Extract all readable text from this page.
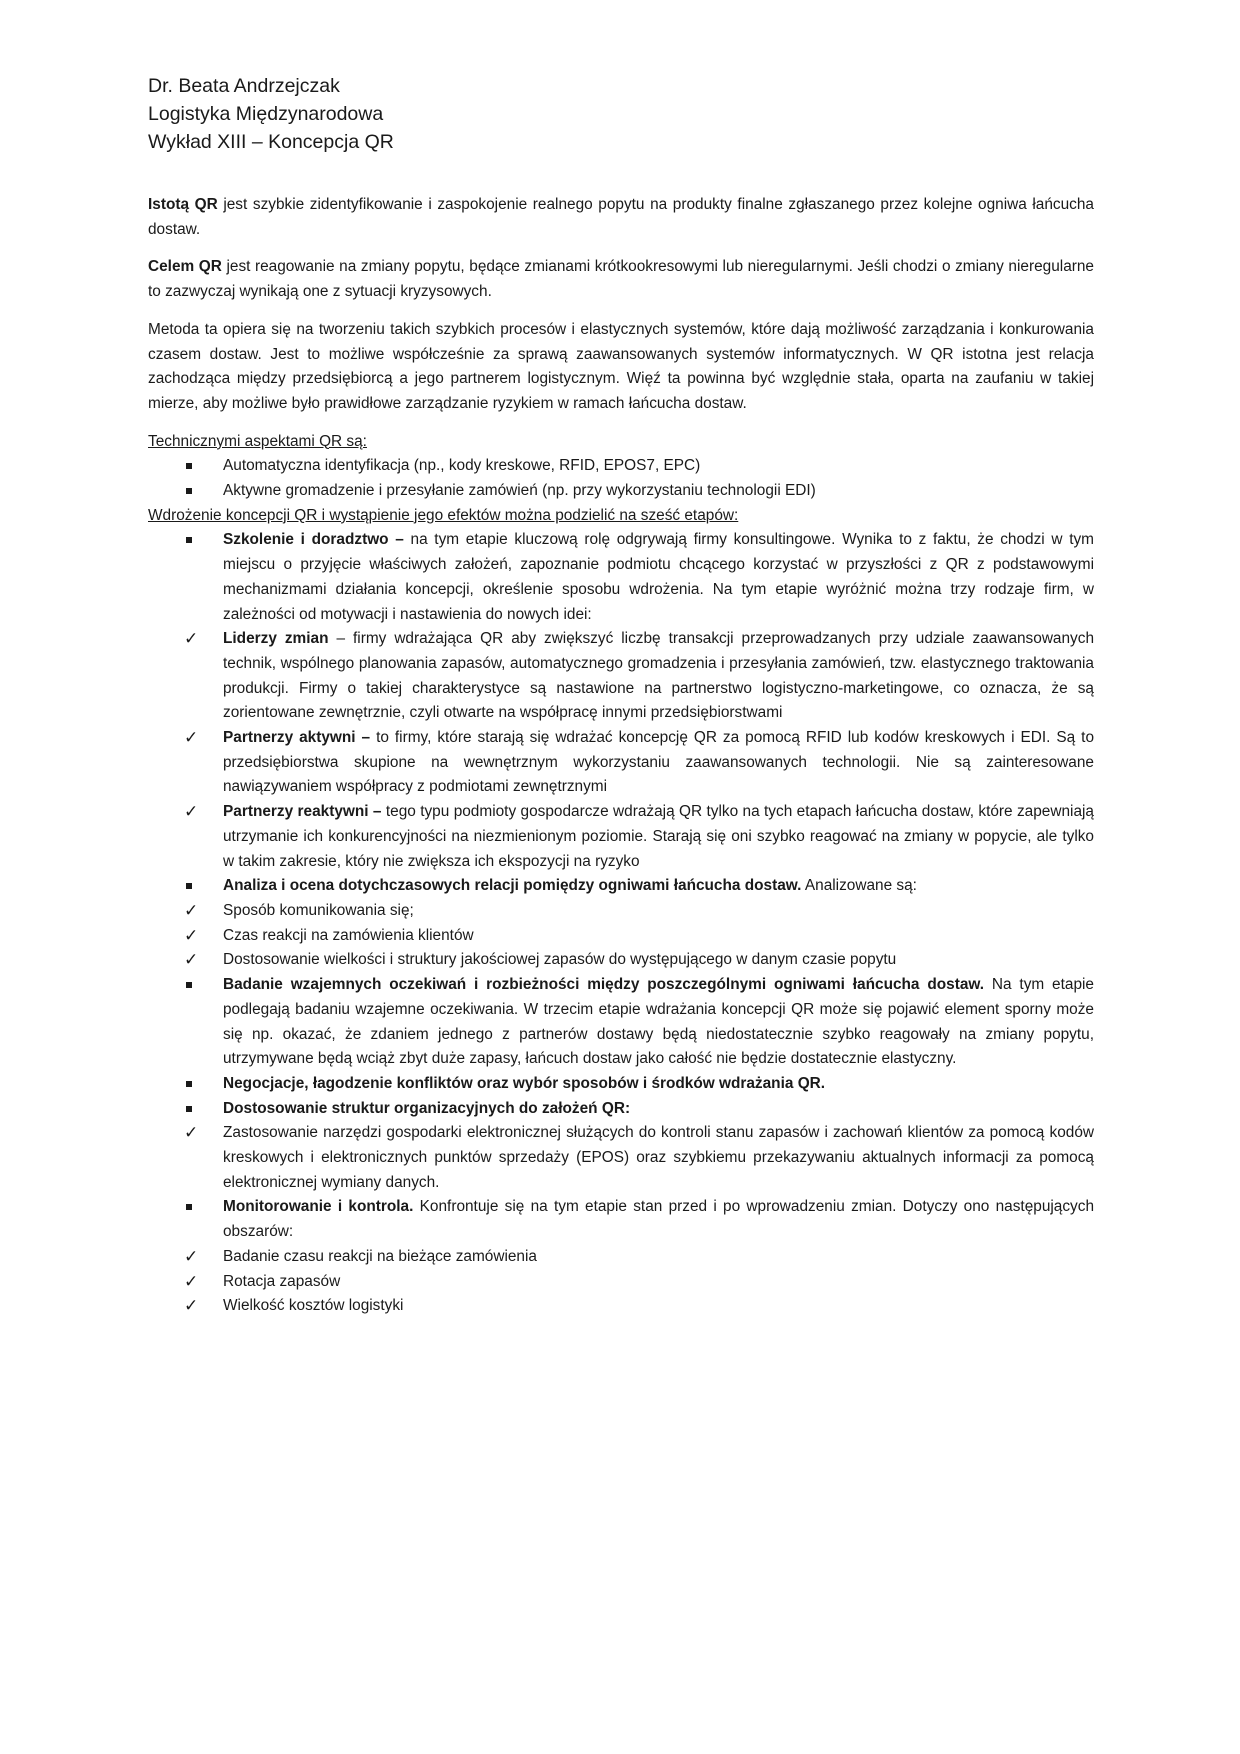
Dr. Beata Andrzejczak
Logistyka Międzynarodowa
Wykład XIII – Koncepcja QR

Istotą QR jest szybkie zidentyfikowanie i zaspokojenie realnego popytu na produkty finalne zgłaszanego przez kolejne ogniwa łańcucha dostaw.

Celem QR jest reagowanie na zmiany popytu, będące zmianami krótkookresowymi lub nieregularnymi. Jeśli chodzi o zmiany nieregularne to zazwyczaj wynikają one z sytuacji kryzysowych.

Metoda ta opiera się na tworzeniu takich szybkich procesów i elastycznych systemów, które dają możliwość zarządzania i konkurowania czasem dostaw. Jest to możliwe współcześnie za sprawą zaawansowanych systemów informatycznych. W QR istotna jest relacja zachodząca między przedsiębiorcą a jego partnerem logistycznym. Więź ta powinna być względnie stała, oparta na zaufaniu w takiej mierze, aby możliwe było prawidłowe zarządzanie ryzykiem w ramach łańcucha dostaw.

Technicznymi aspektami QR są:
Automatyczna identyfikacja (np., kody kreskowe, RFID, EPOS7, EPC)
Aktywne gromadzenie i przesyłanie zamówień (np. przy wykorzystaniu technologii EDI)
Wdrożenie koncepcji QR i wystąpienie jego efektów można podzielić na sześć etapów:
Szkolenie i doradztwo – na tym etapie kluczową rolę odgrywają firmy konsultingowe. Wynika to z faktu, że chodzi w tym miejscu o przyjęcie właściwych założeń, zapoznanie podmiotu chcącego korzystać w przyszłości z QR z podstawowymi mechanizmami działania koncepcji, określenie sposobu wdrożenia. Na tym etapie wyróżnić można trzy rodzaje firm, w zależności od motywacji i nastawienia do nowych idei:
✓ Liderzy zmian – firmy wdrażająca QR aby zwiększyć liczbę transakcji przeprowadzanych przy udziale zaawansowanych technik, wspólnego planowania zapasów, automatycznego gromadzenia i przesyłania zamówień, tzw. elastycznego traktowania produkcji. Firmy o takiej charakterystyce są nastawione na partnerstwo logistyczno-marketingowe, co oznacza, że są zorientowane zewnętrznie, czyli otwarte na współpracę innymi przedsiębiorstwami
✓ Partnerzy aktywni – to firmy, które starają się wdrażać koncepcję QR za pomocą RFID lub kodów kreskowych i EDI. Są to przedsiębiorstwa skupione na wewnętrznym wykorzystaniu zaawansowanych technologii. Nie są zainteresowane nawiązywaniem współpracy z podmiotami zewnętrznymi
✓ Partnerzy reaktywni – tego typu podmioty gospodarcze wdrażają QR tylko na tych etapach łańcucha dostaw, które zapewniają utrzymanie ich konkurencyjności na niezmienionym poziomie. Starają się oni szybko reagować na zmiany w popycie, ale tylko w takim zakresie, który nie zwiększa ich ekspozycji na ryzyko
Analiza i ocena dotychczasowych relacji pomiędzy ogniwami łańcucha dostaw. Analizowane są:
✓ Sposób komunikowania się;
✓ Czas reakcji na zamówienia klientów
✓ Dostosowanie wielkości i struktury jakościowej zapasów do występującego w danym czasie popytu
Badanie wzajemnych oczekiwań i rozbieżności między poszczególnymi ogniwami łańcucha dostaw. Na tym etapie podlegają badaniu wzajemne oczekiwania. W trzecim etapie wdrażania koncepcji QR może się pojawić element sporny może się np. okazać, że zdaniem jednego z partnerów dostawy będą niedostatecznie szybko reagowały na zmiany popytu, utrzymywane będą wciąż zbyt duże zapasy, łańcuch dostaw jako całość nie będzie dostatecznie elastyczny.
Negocjacje, łagodzenie konfliktów oraz wybór sposobów i środków wdrażania QR.
Dostosowanie struktur organizacyjnych do założeń QR:
✓ Zastosowanie narzędzi gospodarki elektronicznej służących do kontroli stanu zapasów i zachowań klientów za pomocą kodów kreskowych i elektronicznych punktów sprzedaży (EPOS) oraz szybkiemu przekazywaniu aktualnych informacji za pomocą elektronicznej wymiany danych.
Monitorowanie i kontrola. Konfrontuje się na tym etapie stan przed i po wprowadzeniu zmian. Dotyczy ono następujących obszarów:
✓ Badanie czasu reakcji na bieżące zamówienia
✓ Rotacja zapasów
✓ Wielkość kosztów logistyki
